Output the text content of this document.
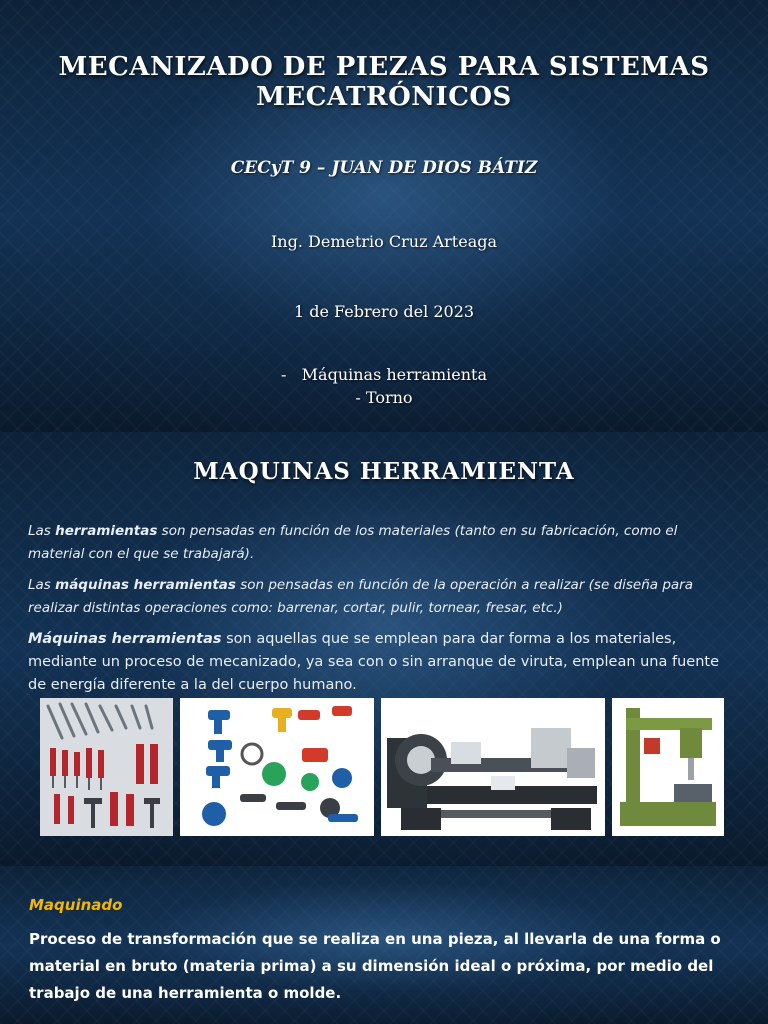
MECANIZADO DE PIEZAS PARA SISTEMAS MECATRÓNICOS
CECyT 9 – JUAN DE DIOS BÁTIZ
Ing. Demetrio Cruz Arteaga
1 de Febrero del 2023
-   Máquinas herramienta
- Torno
MAQUINAS HERRAMIENTA
Las herramientas son pensadas en función de los materiales (tanto en su fabricación, como el material con el que se trabajará).
Las máquinas herramientas son pensadas en función de la operación a realizar (se diseña para realizar distintas operaciones como: barrenar, cortar, pulir, tornear, fresar, etc.)
Máquinas herramientas son aquellas que se emplean para dar forma a los materiales, mediante un proceso de mecanizado, ya sea con o sin arranque de viruta, emplean una fuente de energía diferente a la del cuerpo humano.
Maquinado
Proceso de transformación que se realiza en una pieza, al llevarla de una forma o material en bruto (materia prima) a su dimensión ideal o próxima, por medio del trabajo de una herramienta o molde.
